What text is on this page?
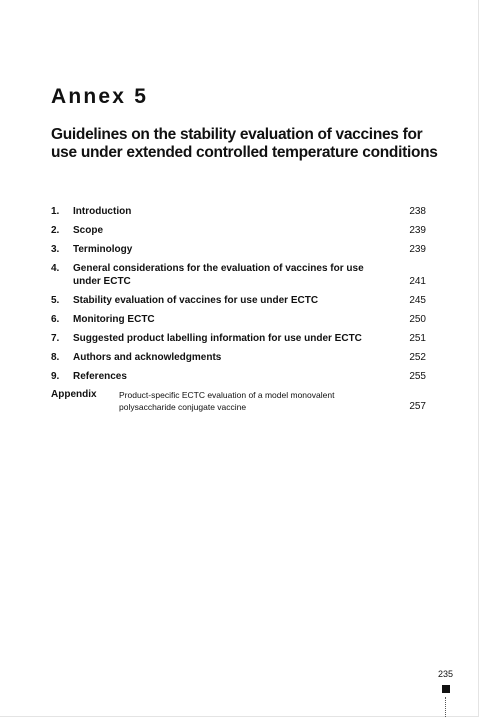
Annex 5
Guidelines on the stability evaluation of vaccines for use under extended controlled temperature conditions
1.	Introduction	238
2.	Scope	239
3.	Terminology	239
4.	General considerations for the evaluation of vaccines for use under ECTC	241
5.	Stability evaluation of vaccines for use under ECTC	245
6.	Monitoring ECTC	250
7.	Suggested product labelling information for use under ECTC	251
8.	Authors and acknowledgments	252
9.	References	255
Appendix	Product-specific ECTC evaluation of a model monovalent polysaccharide conjugate vaccine	257
235
